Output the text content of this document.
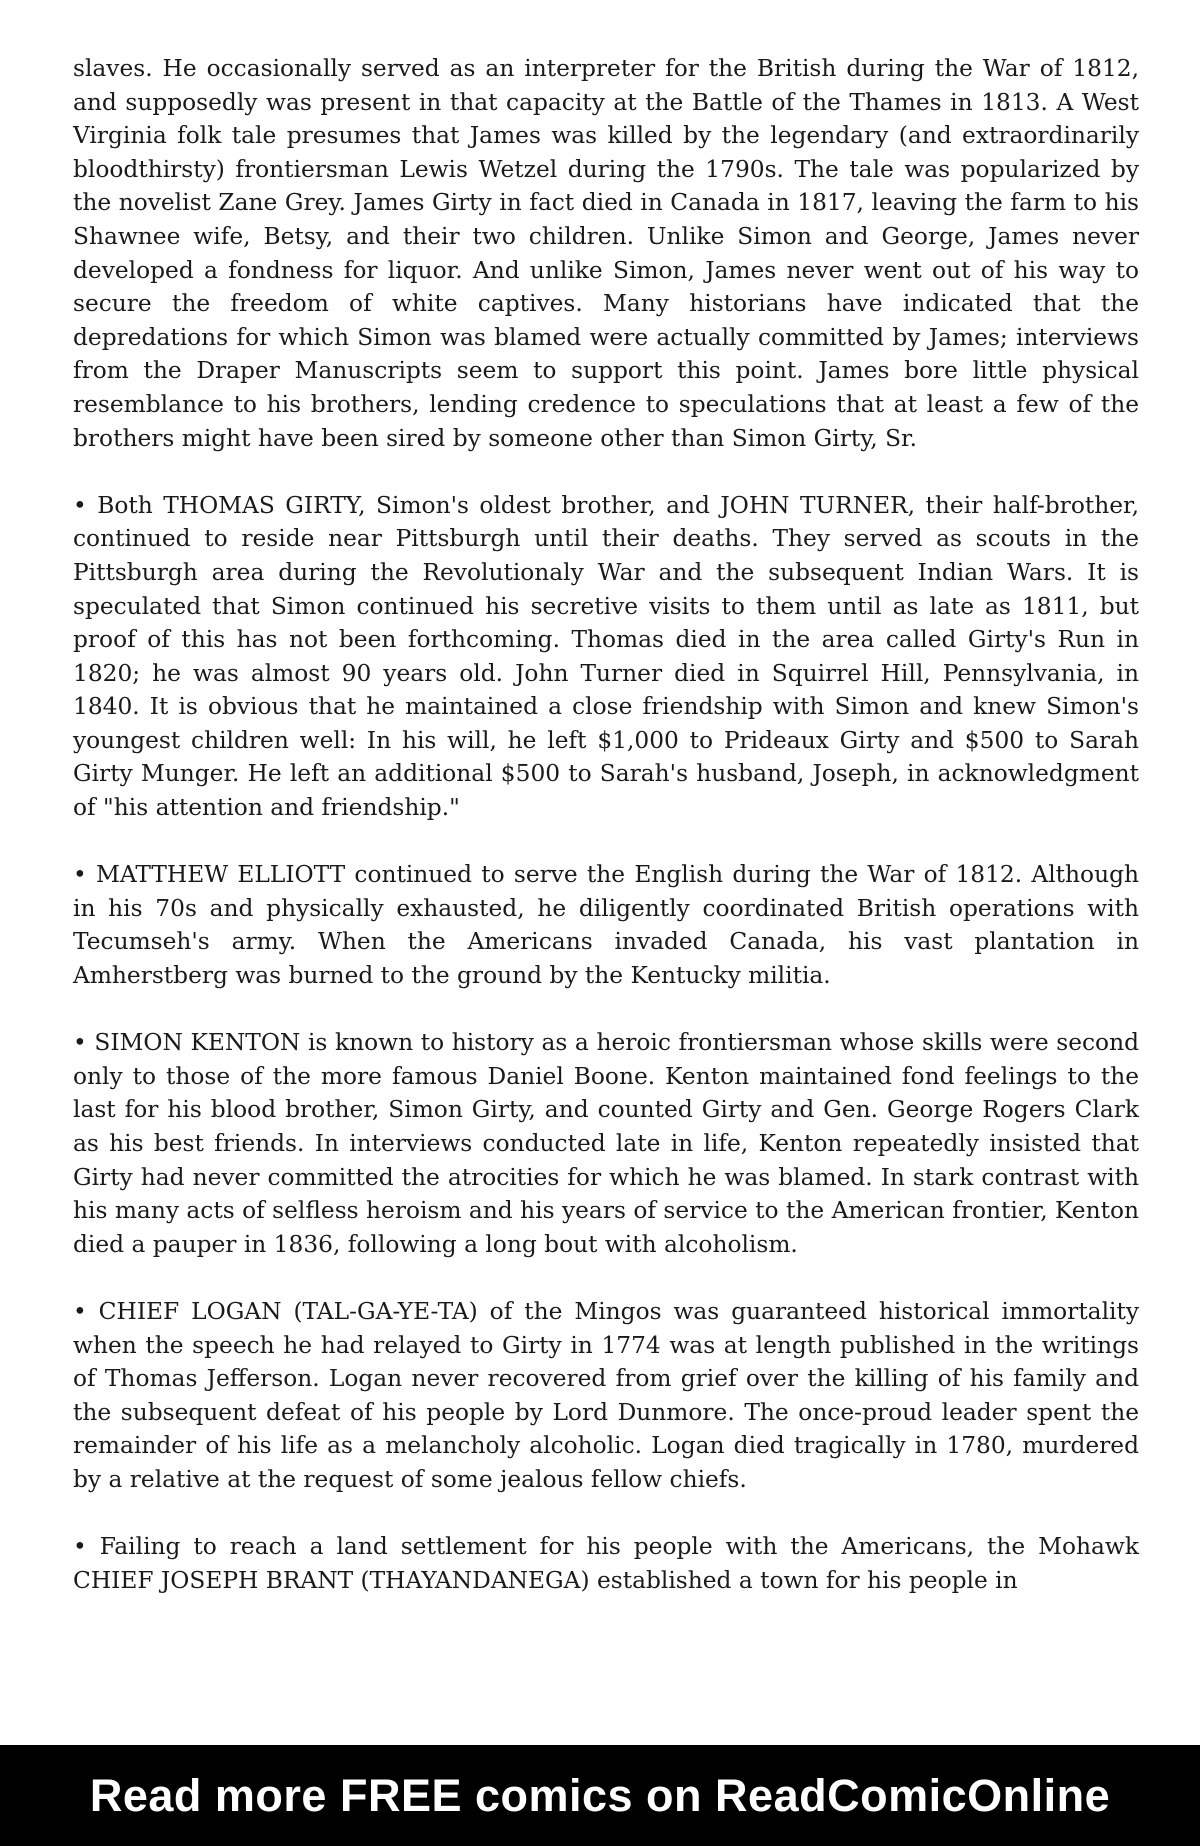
slaves. He occasionally served as an interpreter for the British during the War of 1812, and supposedly was present in that capacity at the Battle of the Thames in 1813. A West Virginia folk tale presumes that James was killed by the legendary (and extraordinarily bloodthirsty) frontiersman Lewis Wetzel during the 1790s. The tale was popularized by the novelist Zane Grey. James Girty in fact died in Canada in 1817, leaving the farm to his Shawnee wife, Betsy, and their two children. Unlike Simon and George, James never developed a fondness for liquor. And unlike Simon, James never went out of his way to secure the freedom of white captives. Many historians have indicated that the depredations for which Simon was blamed were actually committed by James; interviews from the Draper Manuscripts seem to support this point. James bore little physical resemblance to his brothers, lending credence to speculations that at least a few of the brothers might have been sired by someone other than Simon Girty, Sr.

• Both THOMAS GIRTY, Simon's oldest brother, and JOHN TURNER, their half-brother, continued to reside near Pittsburgh until their deaths. They served as scouts in the Pittsburgh area during the Revolutionaly War and the subsequent Indian Wars. It is speculated that Simon continued his secretive visits to them until as late as 1811, but proof of this has not been forthcoming. Thomas died in the area called Girty's Run in 1820; he was almost 90 years old. John Turner died in Squirrel Hill, Pennsylvania, in 1840. It is obvious that he maintained a close friendship with Simon and knew Simon's youngest children well: In his will, he left $1,000 to Prideaux Girty and $500 to Sarah Girty Munger. He left an additional $500 to Sarah's husband, Joseph, in acknowledgment of "his attention and friendship."

• MATTHEW ELLIOTT continued to serve the English during the War of 1812. Although in his 70s and physically exhausted, he diligently coordinated British operations with Tecumseh's army. When the Americans invaded Canada, his vast plantation in Amherstberg was burned to the ground by the Kentucky militia.

• SIMON KENTON is known to history as a heroic frontiersman whose skills were second only to those of the more famous Daniel Boone. Kenton maintained fond feelings to the last for his blood brother, Simon Girty, and counted Girty and Gen. George Rogers Clark as his best friends. In interviews conducted late in life, Kenton repeatedly insisted that Girty had never committed the atrocities for which he was blamed. In stark contrast with his many acts of selfless heroism and his years of service to the American frontier, Kenton died a pauper in 1836, following a long bout with alcoholism.

• CHIEF LOGAN (TAL-GA-YE-TA) of the Mingos was guaranteed historical immortality when the speech he had relayed to Girty in 1774 was at length published in the writings of Thomas Jefferson. Logan never recovered from grief over the killing of his family and the subsequent defeat of his people by Lord Dunmore. The once-proud leader spent the remainder of his life as a melancholy alcoholic. Logan died tragically in 1780, murdered by a relative at the request of some jealous fellow chiefs.

• Failing to reach a land settlement for his people with the Americans, the Mohawk CHIEF JOSEPH BRANT (THAYANDANEGA) established a town for his people in

Read more FREE comics on ReadComicOnline
